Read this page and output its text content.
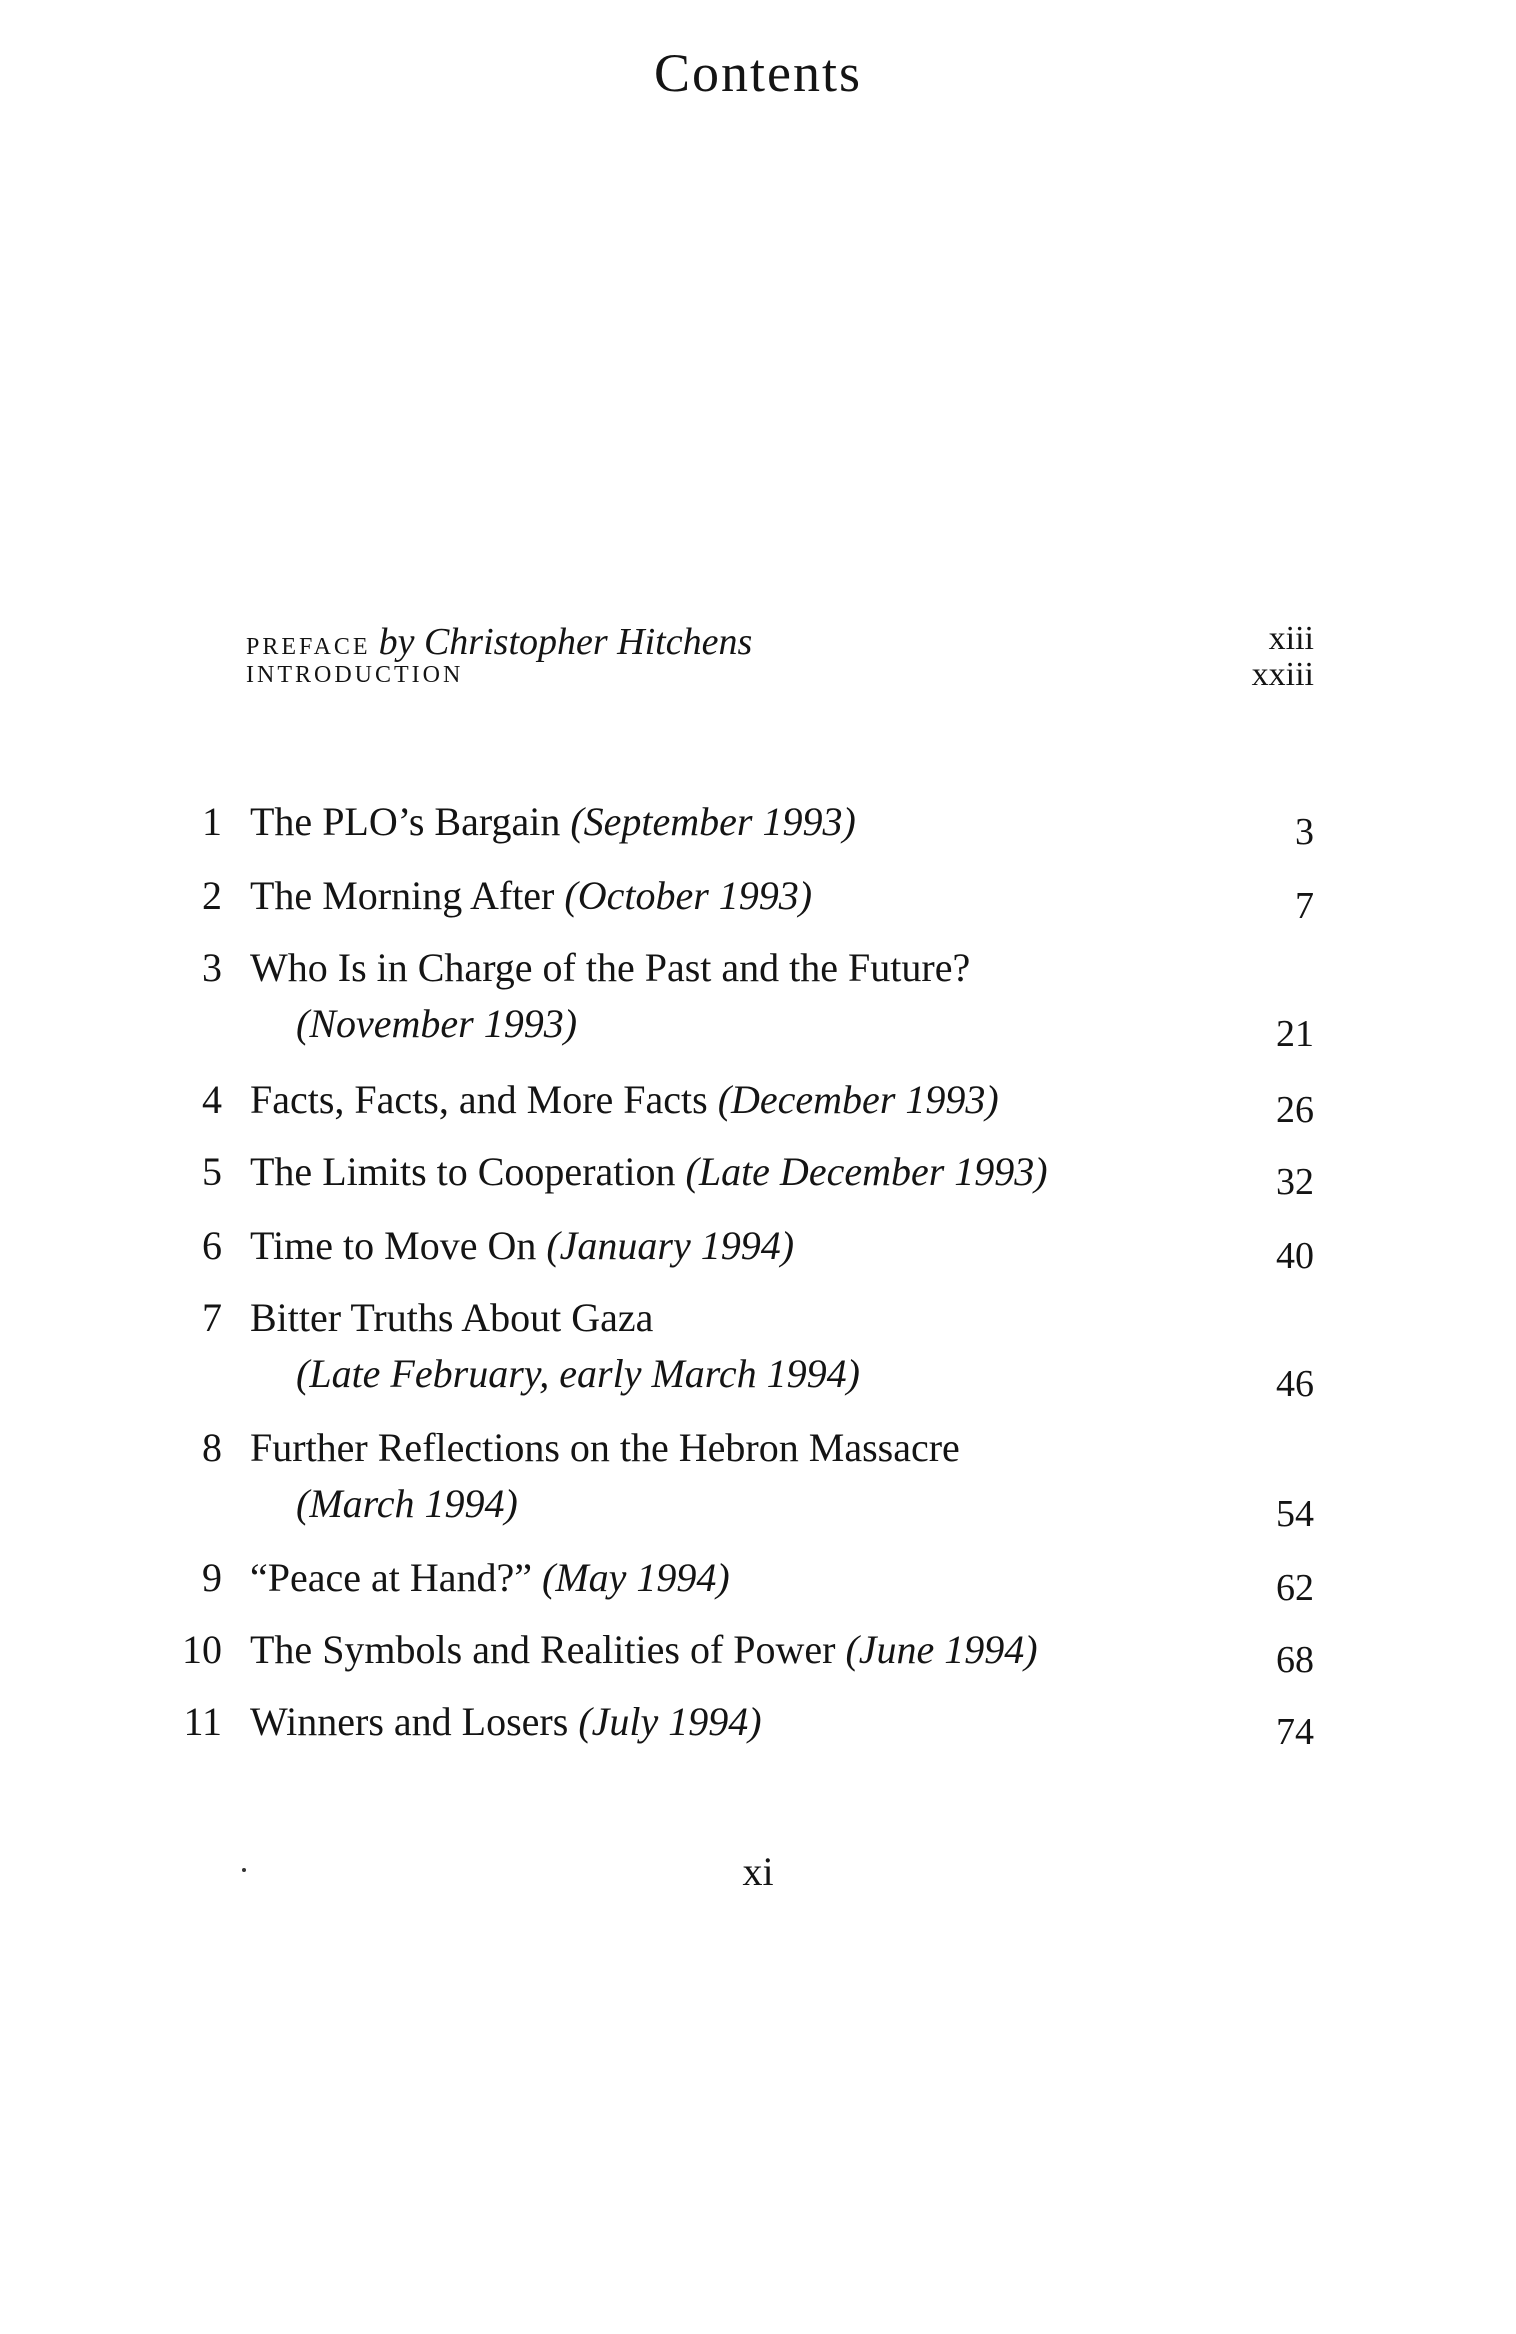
Contents
PREFACE by Christopher Hitchens	xiii
INTRODUCTION	xxiii
1 The PLO’s Bargain (September 1993)	3
2 The Morning After (October 1993)	7
3 Who Is in Charge of the Past and the Future?
(November 1993)	21
4 Facts, Facts, and More Facts (December 1993)	26
5 The Limits to Cooperation (Late December 1993)	32
6 Time to Move On (January 1994)	40
7 Bitter Truths About Gaza
(Late February, early March 1994)	46
8 Further Reflections on the Hebron Massacre
(March 1994)	54
9 “Peace at Hand?” (May 1994)	62
10 The Symbols and Realities of Power (June 1994)	68
11 Winners and Losers (July 1994)	74
xi
